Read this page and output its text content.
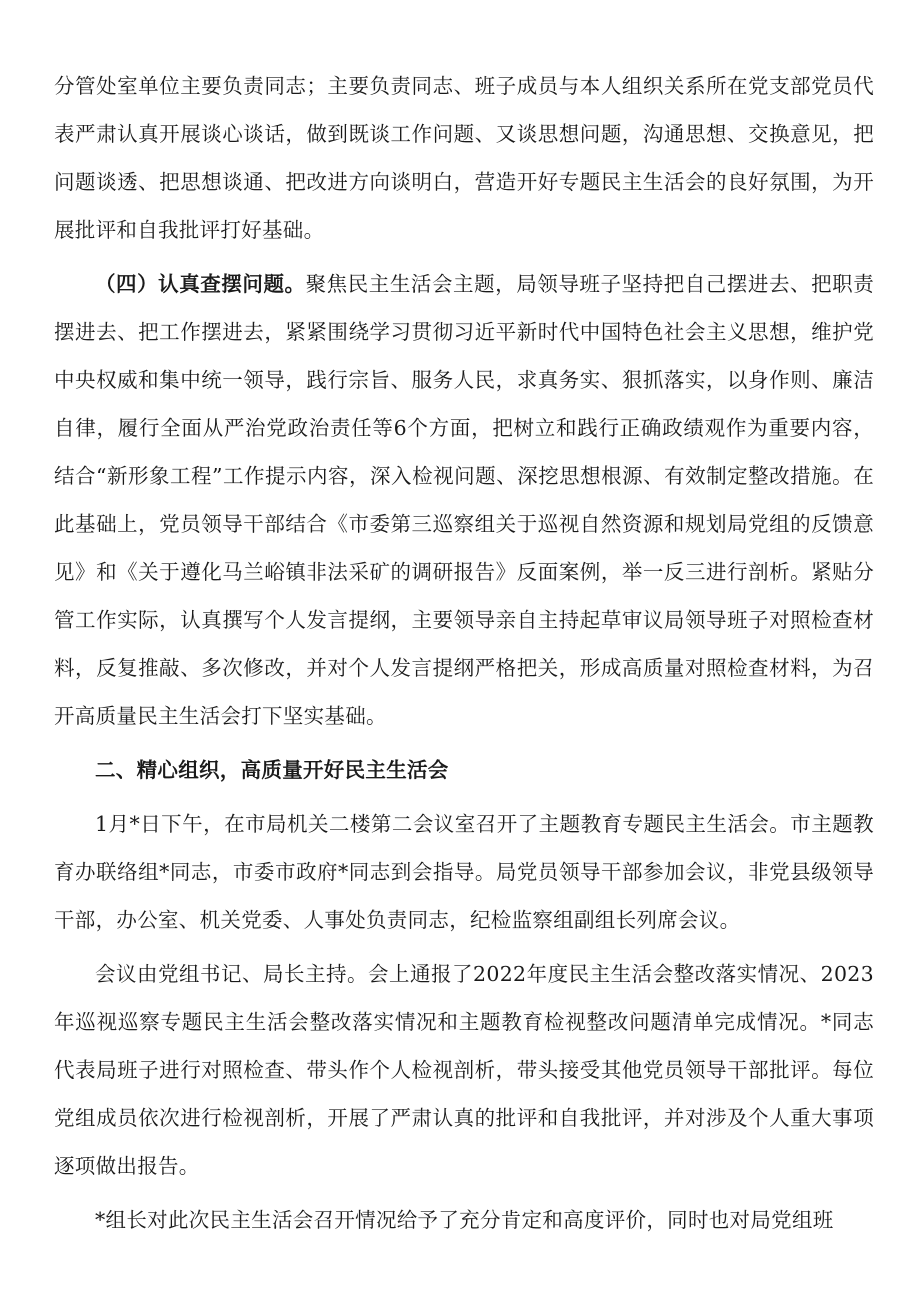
分管处室单位主要负责同志；主要负责同志、班子成员与本人组织关系所在党支部党员代表严肃认真开展谈心谈话，做到既谈工作问题、又谈思想问题，沟通思想、交换意见，把问题谈透、把思想谈通、把改进方向谈明白，营造开好专题民主生活会的良好氛围，为开展批评和自我批评打好基础。

（四）认真查摆问题。聚焦民主生活会主题，局领导班子坚持把自己摆进去、把职责摆进去、把工作摆进去，紧紧围绕学习贯彻习近平新时代中国特色社会主义思想，维护党中央权威和集中统一领导，践行宗旨、服务人民，求真务实、狠抓落实，以身作则、廉洁自律，履行全面从严治党政治责任等6个方面，把树立和践行正确政绩观作为重要内容，结合“新形象工程”工作提示内容，深入检视问题、深挖思想根源、有效制定整改措施。在此基础上，党员领导干部结合《市委第三巡察组关于巡视自然资源和规划局党组的反馈意见》和《关于遵化马兰峪镇非法采矿的调研报告》反面案例，举一反三进行剖析。紧贴分管工作实际，认真撰写个人发言提纲，主要领导亲自主持起草审议局领导班子对照检查材料，反复推敲、多次修改，并对个人发言提纲严格把关，形成高质量对照检查材料，为召开高质量民主生活会打下坚实基础。

二、精心组织，高质量开好民主生活会

1月*日下午，在市局机关二楼第二会议室召开了主题教育专题民主生活会。市主题教育办联络组*同志，市委市政府*同志到会指导。局党员领导干部参加会议，非党县级领导干部，办公室、机关党委、人事处负责同志，纪检监察组副组长列席会议。

会议由党组书记、局长主持。会上通报了2022年度民主生活会整改落实情况、2023年巡视巡察专题民主生活会整改落实情况和主题教育检视整改问题清单完成情况。*同志代表局班子进行对照检查、带头作个人检视剖析，带头接受其他党员领导干部批评。每位党组成员依次进行检视剖析，开展了严肃认真的批评和自我批评，并对涉及个人重大事项逐项做出报告。

*组长对此次民主生活会召开情况给予了充分肯定和高度评价，同时也对局党组班
